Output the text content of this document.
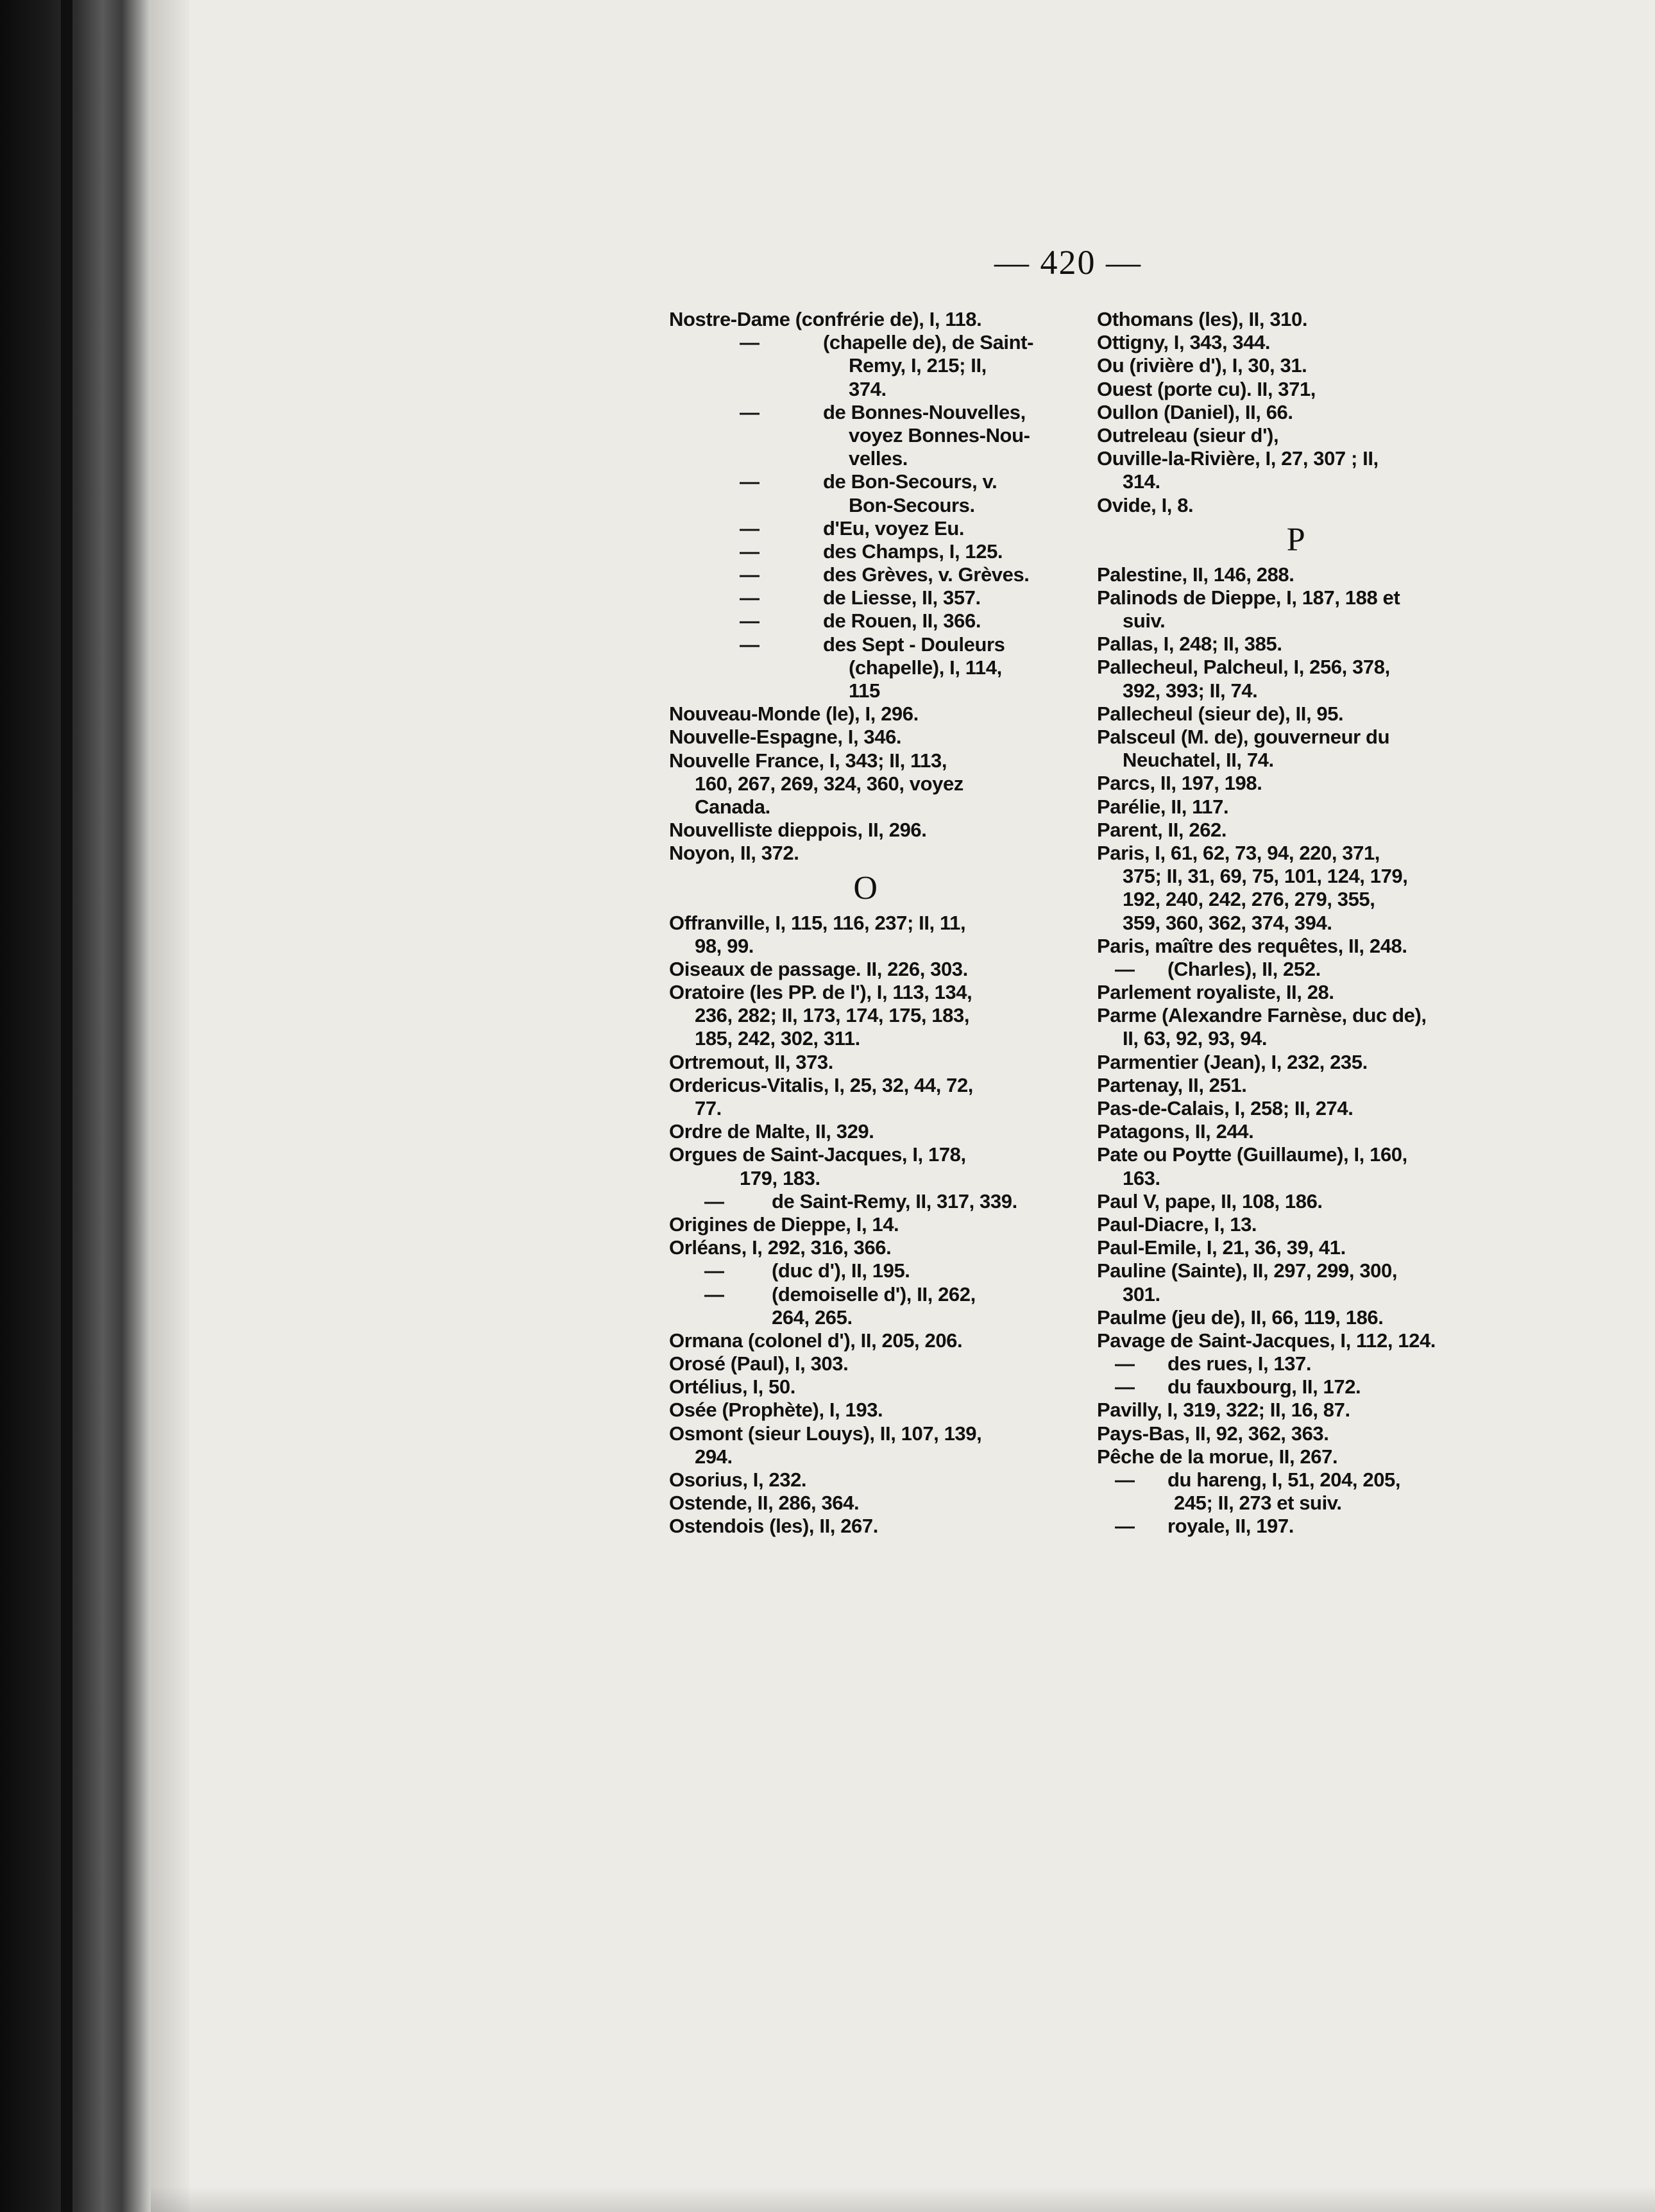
— 420 —
Nostre-Dame (confrérie de), I, 118.
—	(chapelle de), de Saint-
Remy, I, 215; II,
374.
—	de Bonnes-Nouvelles,
voyez Bonnes-Nou-
velles.
—	de Bon-Secours, v.
Bon-Secours.
—	d'Eu, voyez Eu.
—	des Champs, I, 125.
—	des Grèves, v. Grèves.
—	de Liesse, II, 357.
—	de Rouen, II, 366.
—	des Sept - Douleurs
(chapelle), I, 114,
115
Nouveau-Monde (le), I, 296.
Nouvelle-Espagne, I, 346.
Nouvelle France, I, 343; II, 113,
160, 267, 269, 324, 360, voyez
Canada.
Nouvelliste dieppois, II, 296.
Noyon, II, 372.
O
Offranville, I, 115, 116, 237; II, 11,
98, 99.
Oiseaux de passage. II, 226, 303.
Oratoire (les PP. de l'), I, 113, 134,
236, 282; II, 173, 174, 175, 183,
185, 242, 302, 311.
Ortremout, II, 373.
Ordericus-Vitalis, I, 25, 32, 44, 72,
77.
Ordre de Malte, II, 329.
Orgues de Saint-Jacques, I, 178,
179, 183.
— de Saint-Remy, II, 317, 339.
Origines de Dieppe, I, 14.
Orléans, I, 292, 316, 366.
— (duc d'), II, 195.
— (demoiselle d'), II, 262,
264, 265.
Ormana (colonel d'), II, 205, 206.
Orosé (Paul), I, 303.
Ortélius, I, 50.
Osée (Prophète), I, 193.
Osmont (sieur Louys), II, 107, 139,
294.
Osorius, I, 232.
Ostende, II, 286, 364.
Ostendois (les), II, 267.
Othomans (les), II, 310.
Ottigny, I, 343, 344.
Ou (rivière d'), I, 30, 31.
Ouest (porte cu). II, 371,
Oullon (Daniel), II, 66.
Outreleau (sieur d'),
Ouville-la-Rivière, I, 27, 307 ; II,
314.
Ovide, I, 8.
P
Palestine, II, 146, 288.
Palinods de Dieppe, I, 187, 188 et
suiv.
Pallas, I, 248; II, 385.
Pallecheul, Palcheul, I, 256, 378,
392, 393; II, 74.
Pallecheul (sieur de), II, 95.
Palsceul (M. de), gouverneur du
Neuchatel, II, 74.
Parcs, II, 197, 198.
Parélie, II, 117.
Parent, II, 262.
Paris, I, 61, 62, 73, 94, 220, 371,
375; II, 31, 69, 75, 101, 124, 179,
192, 240, 242, 276, 279, 355,
359, 360, 362, 374, 394.
Paris, maître des requêtes, II, 248.
— (Charles), II, 252.
Parlement royaliste, II, 28.
Parme (Alexandre Farnèse, duc de),
II, 63, 92, 93, 94.
Parmentier (Jean), I, 232, 235.
Partenay, II, 251.
Pas-de-Calais, I, 258; II, 274.
Patagons, II, 244.
Pate ou Poytte (Guillaume), I, 160,
163.
Paul V, pape, II, 108, 186.
Paul-Diacre, I, 13.
Paul-Emile, I, 21, 36, 39, 41.
Pauline (Sainte), II, 297, 299, 300,
301.
Paulme (jeu de), II, 66, 119, 186.
Pavage de Saint-Jacques, I, 112, 124.
— des rues, I, 137.
— du fauxbourg, II, 172.
Pavilly, I, 319, 322; II, 16, 87.
Pays-Bas, II, 92, 362, 363.
Pêche de la morue, II, 267.
— du hareng, I, 51, 204, 205,
245; II, 273 et suiv.
— royale, II, 197.
